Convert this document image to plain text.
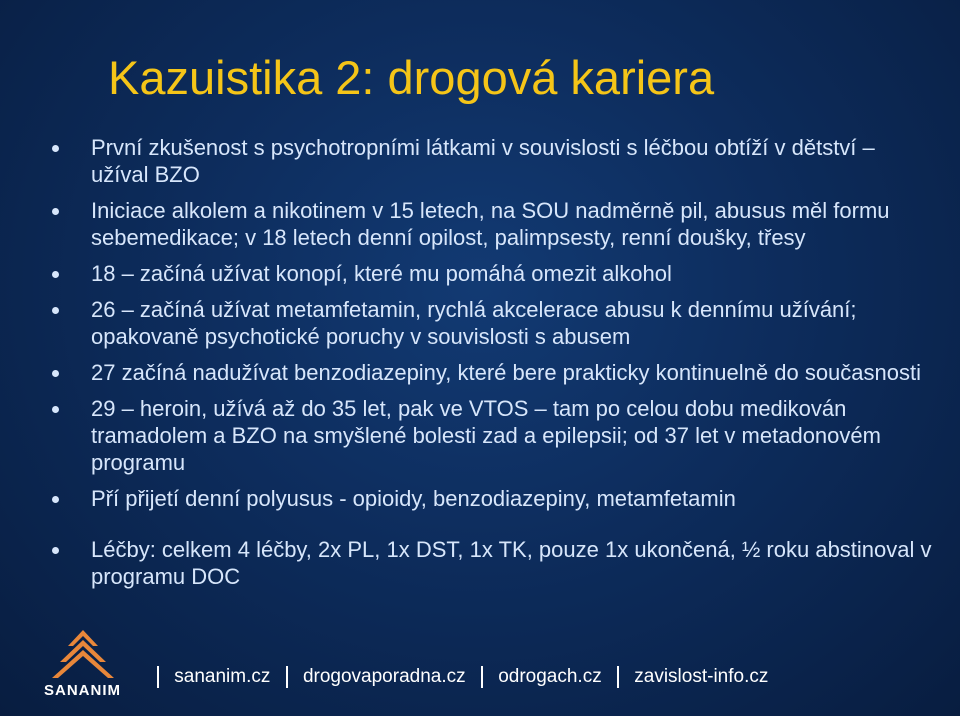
Kazuistika 2: drogová kariera
První zkušenost s psychotropními látkami v souvislosti s léčbou obtíží v dětství – užíval BZO
Iniciace alkolem a nikotinem v 15 letech, na SOU nadměrně pil, abusus měl formu sebemedikace; v 18 letech denní opilost, palimpsesty, renní doušky, třesy
18 – začíná užívat konopí, které mu pomáhá omezit alkohol
26 – začíná užívat metamfetamin, rychlá akcelerace abusu k dennímu užívání; opakovaně psychotické poruchy v souvislosti s abusem
27 začíná nadužívat benzodiazepiny, které bere prakticky kontinuelně do současnosti
29 – heroin, užívá až do 35 let, pak ve VTOS – tam po celou dobu medikován tramadolem a BZO na smyšlené bolesti zad a epilepsii; od 37 let v metadonovém programu
Pří přijetí denní polyusus - opioidy, benzodiazepiny, metamfetamin
Léčby: celkem 4 léčby, 2x PL, 1x DST, 1x TK, pouze 1x ukončená, ½ roku abstinoval v programu DOC
SANANIM
sananim.cz drogovaporadna.cz odrogach.cz zavislost-info.cz
